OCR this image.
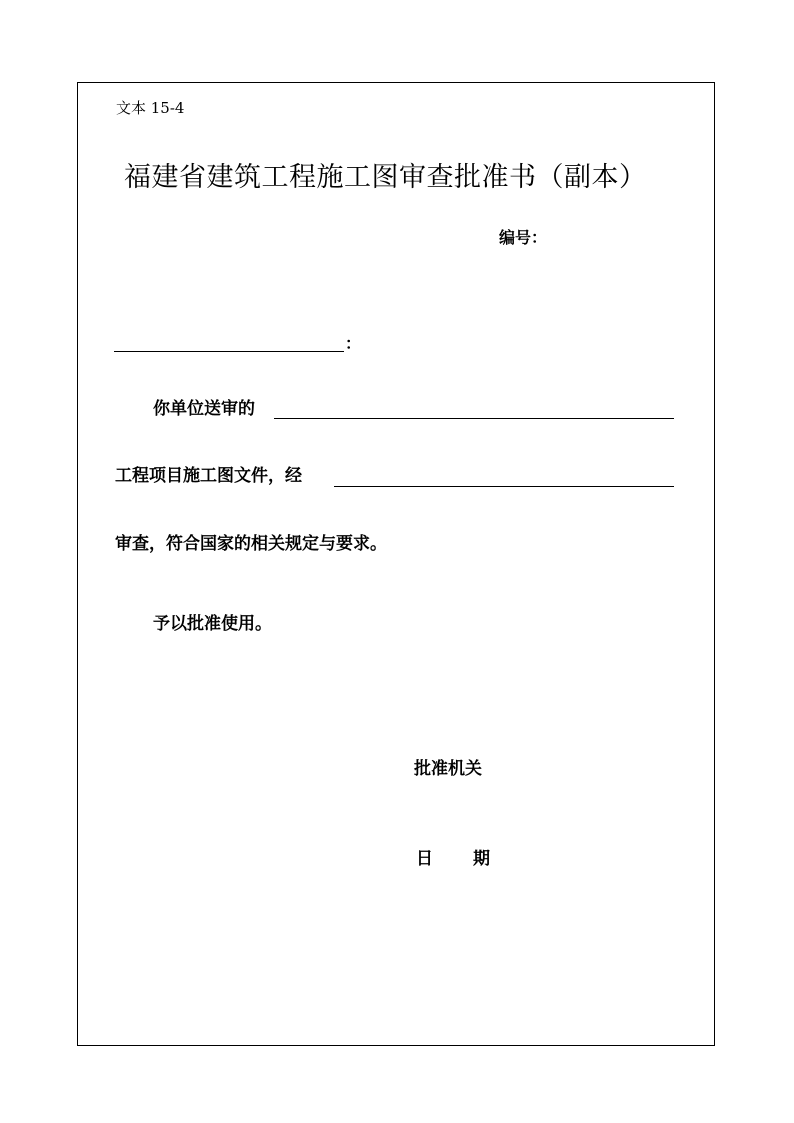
文本 15-4
福建省建筑工程施工图审查批准书（副本）
编号：
：
你单位送审的
工程项目施工图文件，经
审查，符合国家的相关规定与要求。
予以批准使用。
批准机关
日 期
